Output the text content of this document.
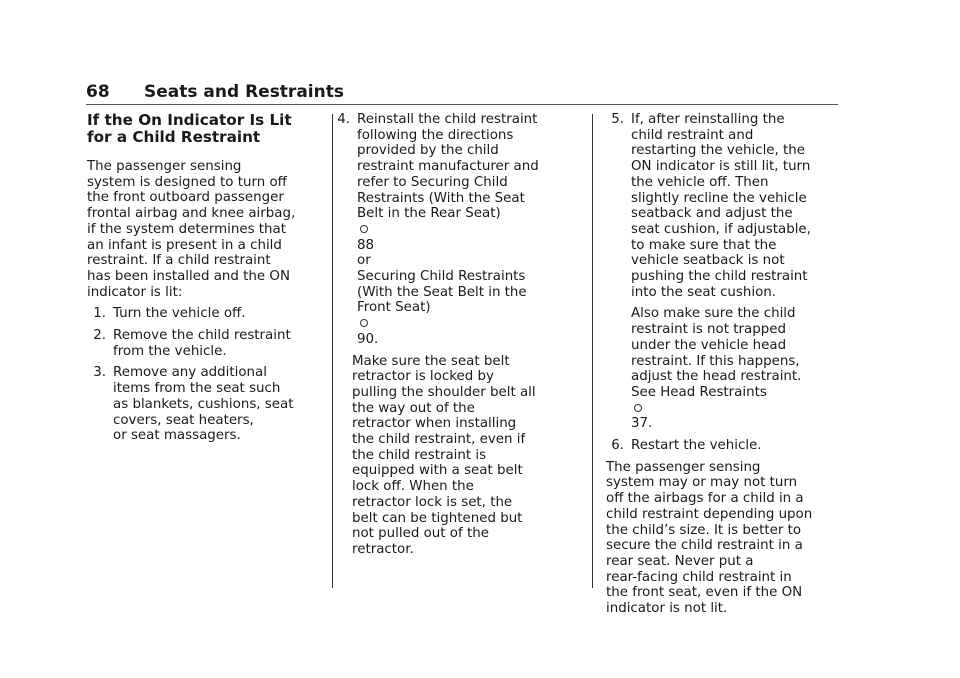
68	Seats and Restraints
If the On Indicator Is Lit
for a Child Restraint

The passenger sensing
system is designed to turn off
the front outboard passenger
frontal airbag and knee airbag,
if the system determines that
an infant is present in a child
restraint. If a child restraint
has been installed and the ON
indicator is lit:

1. Turn the vehicle off.
2. Remove the child restraint
from the vehicle.
3. Remove any additional
items from the seat such
as blankets, cushions, seat
covers, seat heaters,
or seat massagers.
4. Reinstall the child restraint
following the directions
provided by the child
restraint manufacturer and
refer to Securing Child
Restraints (With the Seat
Belt in the Rear Seat)
88
or
Securing Child Restraints
(With the Seat Belt in the
Front Seat)
90.

Make sure the seat belt
retractor is locked by
pulling the shoulder belt all
the way out of the
retractor when installing
the child restraint, even if
the child restraint is
equipped with a seat belt
lock off. When the
retractor lock is set, the
belt can be tightened but
not pulled out of the
retractor.

5. If, after reinstalling the
child restraint and
restarting the vehicle, the
ON indicator is still lit, turn
the vehicle off. Then
slightly recline the vehicle
seatback and adjust the
seat cushion, if adjustable,
to make sure that the
vehicle seatback is not
pushing the child restraint
into the seat cushion.

Also make sure the child
restraint is not trapped
under the vehicle head
restraint. If this happens,
adjust the head restraint.
See Head Restraints
37.

6. Restart the vehicle.

The passenger sensing
system may or may not turn
off the airbags for a child in a
child restraint depending upon
the child’s size. It is better to
secure the child restraint in a
rear seat. Never put a
rear-facing child restraint in
the front seat, even if the ON
indicator is not lit.
